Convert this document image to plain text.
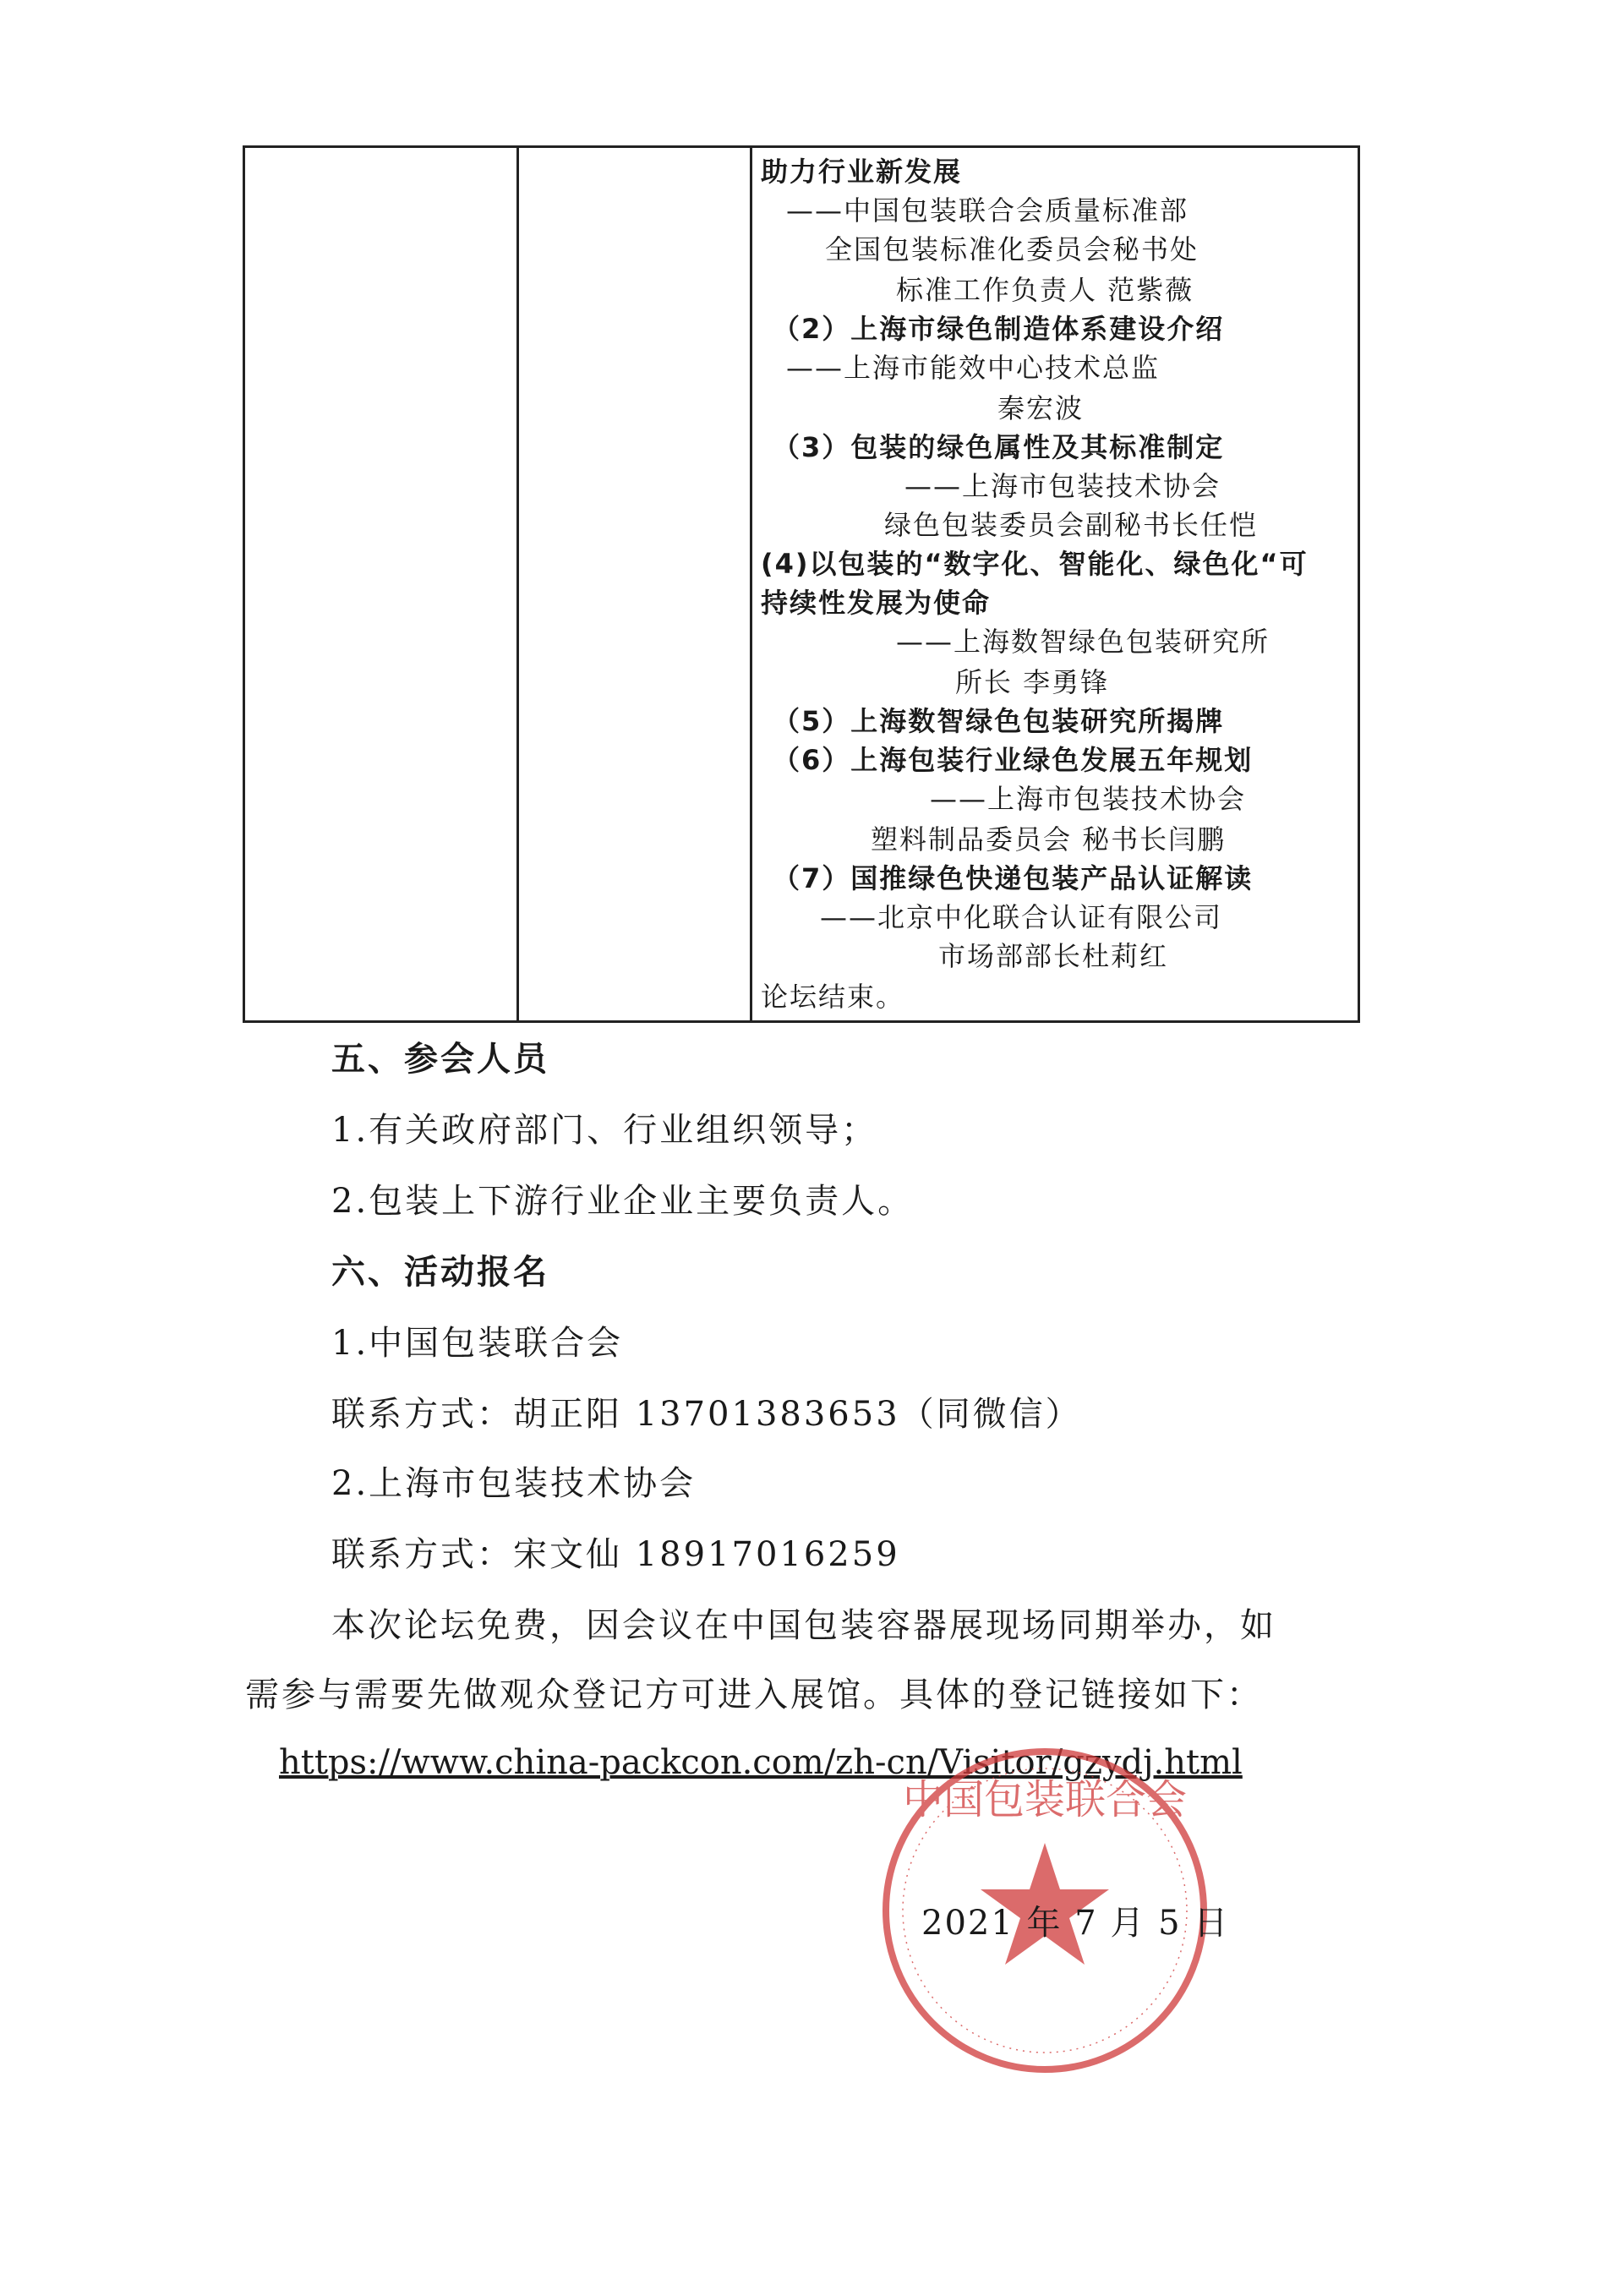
助力行业新发展
——中国包装联合会质量标准部
全国包装标准化委员会秘书处
标准工作负责人 范紫薇
（2）上海市绿色制造体系建设介绍
——上海市能效中心技术总监
秦宏波
（3）包装的绿色属性及其标准制定
——上海市包装技术协会
绿色包装委员会副秘书长任恺
(4)以包装的“数字化、智能化、绿色化“可
持续性发展为使命
——上海数智绿色包装研究所
所长 李勇锋
（5）上海数智绿色包装研究所揭牌
（6）上海包装行业绿色发展五年规划
——上海市包装技术协会
塑料制品委员会 秘书长闫鹏
（7）国推绿色快递包装产品认证解读
——北京中化联合认证有限公司
市场部部长杜莉红
论坛结束。
五、参会人员
1.有关政府部门、行业组织领导；
2.包装上下游行业企业主要负责人。
六、活动报名
1.中国包装联合会
联系方式：胡正阳 13701383653（同微信）
2.上海市包装技术协会
联系方式：宋文仙 18917016259
本次论坛免费，因会议在中国包装容器展现场同期举办，如
需参与需要先做观众登记方可进入展馆。具体的登记链接如下：
https://www.china-packcon.com/zh-cn/Visitor/gzydj.html
中国包装联合会
2021 年 7 月 5 日
